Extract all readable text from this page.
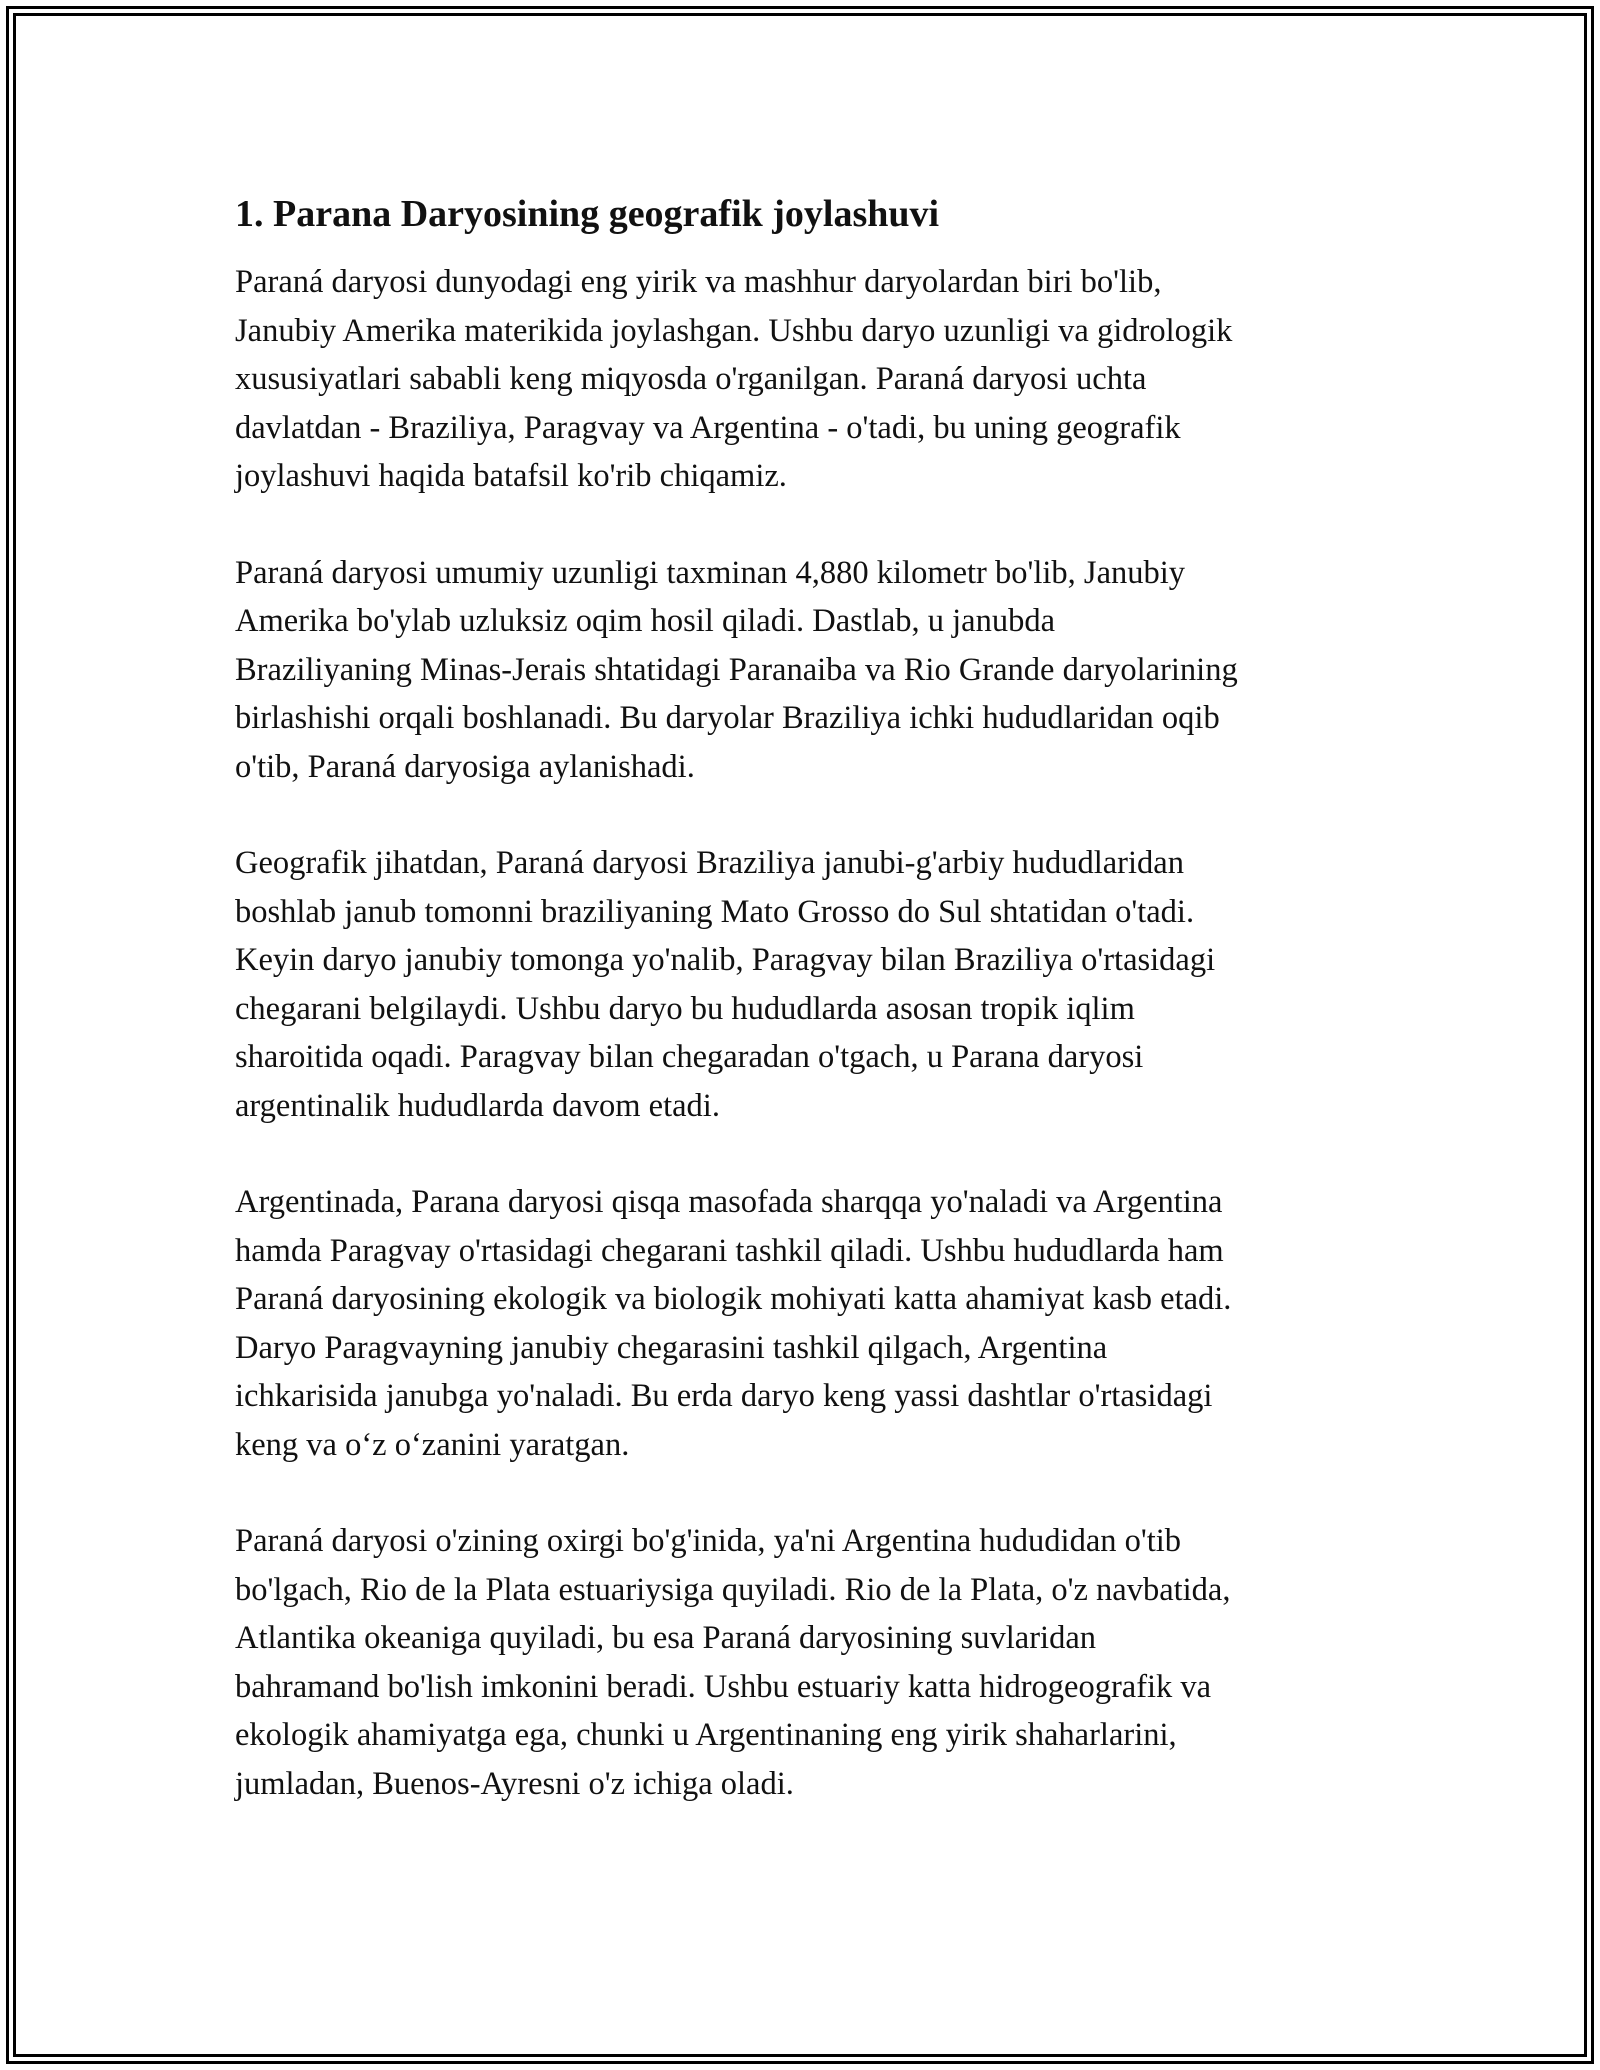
1. Parana Daryosining geografik joylashuvi

Paraná daryosi dunyodagi eng yirik va mashhur daryolardan biri bo'lib,
Janubiy Amerika materikida joylashgan. Ushbu daryo uzunligi va gidrologik
xususiyatlari sababli keng miqyosda o'rganilgan. Paraná daryosi uchta
davlatdan - Braziliya, Paragvay va Argentina - o'tadi, bu uning geografik
joylashuvi haqida batafsil ko'rib chiqamiz.

Paraná daryosi umumiy uzunligi taxminan 4,880 kilometr bo'lib, Janubiy
Amerika bo'ylab uzluksiz oqim hosil qiladi. Dastlab, u janubda
Braziliyaning Minas-Jerais shtatidagi Paranaiba va Rio Grande daryolarining
birlashishi orqali boshlanadi. Bu daryolar Braziliya ichki hududlaridan oqib
o'tib, Paraná daryosiga aylanishadi.

Geografik jihatdan, Paraná daryosi Braziliya janubi-g'arbiy hududlaridan
boshlab janub tomonni braziliyaning Mato Grosso do Sul shtatidan o'tadi.
Keyin daryo janubiy tomonga yo'nalib, Paragvay bilan Braziliya o'rtasidagi
chegarani belgilaydi. Ushbu daryo bu hududlarda asosan tropik iqlim
sharoitida oqadi. Paragvay bilan chegaradan o'tgach, u Parana daryosi
argentinalik hududlarda davom etadi.

Argentinada, Parana daryosi qisqa masofada sharqqa yo'naladi va Argentina
hamda Paragvay o'rtasidagi chegarani tashkil qiladi. Ushbu hududlarda ham
Paraná daryosining ekologik va biologik mohiyati katta ahamiyat kasb etadi.
Daryo Paragvayning janubiy chegarasini tashkil qilgach, Argentina
ichkarisida janubga yo'naladi. Bu erda daryo keng yassi dashtlar o'rtasidagi
keng va o‘z o‘zanini yaratgan.

Paraná daryosi o'zining oxirgi bo'g'inida, ya'ni Argentina hududidan o'tib
bo'lgach, Rio de la Plata estuariysiga quyiladi. Rio de la Plata, o'z navbatida,
Atlantika okeaniga quyiladi, bu esa Paraná daryosining suvlaridan
bahramand bo'lish imkonini beradi. Ushbu estuariy katta hidrogeografik va
ekologik ahamiyatga ega, chunki u Argentinaning eng yirik shaharlarini,
jumladan, Buenos-Ayresni o'z ichiga oladi.
